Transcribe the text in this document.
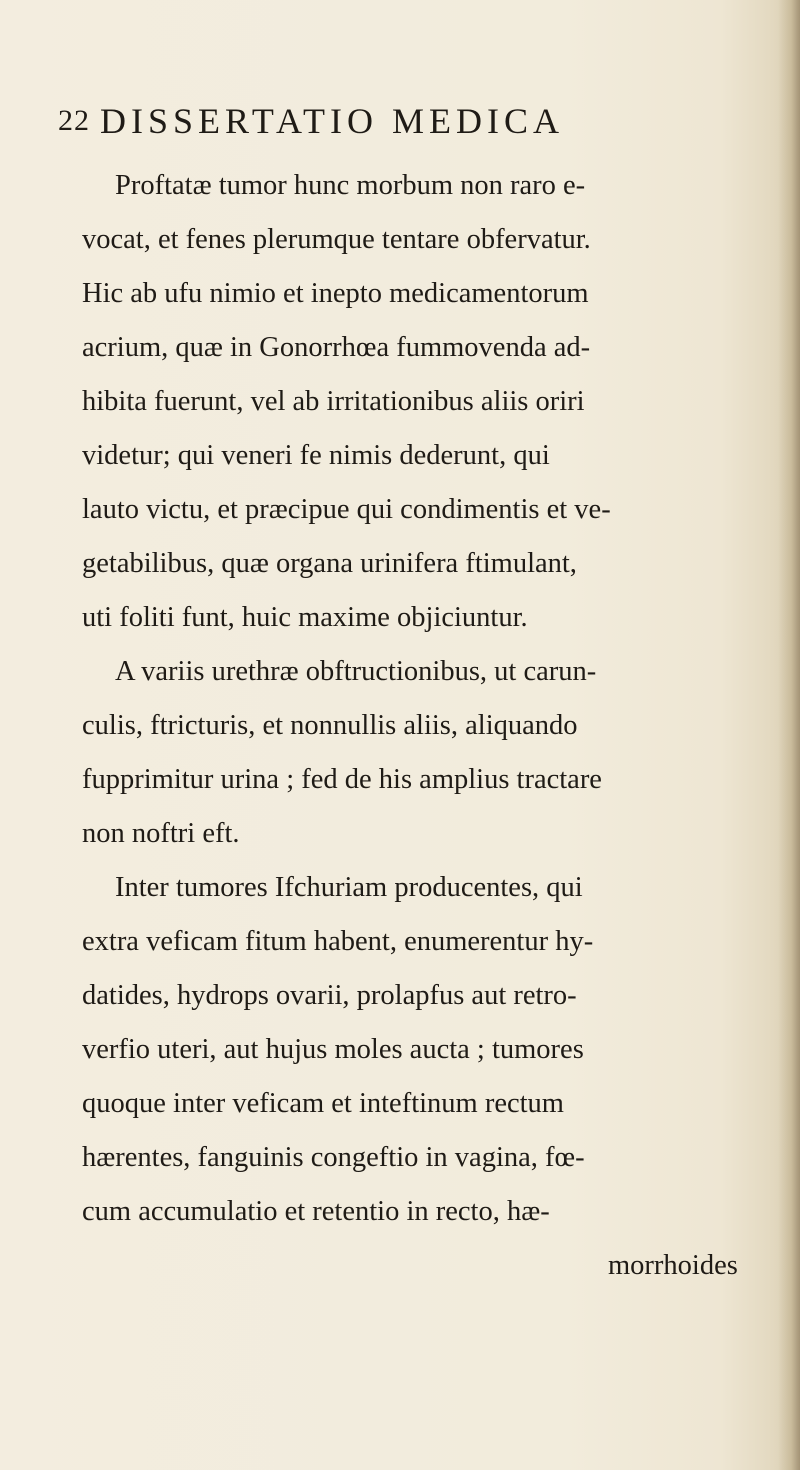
22 DISSERTATIO MEDICA
Proftatæ tumor hunc morbum non raro e-
vocat, et fenes plerumque tentare obfervatur.
Hic ab ufu nimio et inepto medicamentorum
acrium, quæ in Gonorrhœa fummovenda ad-
hibita fuerunt, vel ab irritationibus aliis oriri
videtur; qui veneri fe nimis dederunt, qui
lauto victu, et præcipue qui condimentis et ve-
getabilibus, quæ organa urinifera ftimulant,
uti foliti funt, huic maxime objiciuntur.
A variis urethræ obftructionibus, ut carun-
culis, ftricturis, et nonnullis aliis, aliquando
fupprimitur urina ; fed de his amplius tractare
non noftri eft.
Inter tumores Ifchuriam producentes, qui
extra veficam fitum habent, enumerentur hy-
datides, hydrops ovarii, prolapfus aut retro-
verfio uteri, aut hujus moles aucta ; tumores
quoque inter veficam et inteftinum rectum
hærentes, fanguinis congeftio in vagina, fœ-
cum accumulatio et retentio in recto, hæ-
morrhoides
